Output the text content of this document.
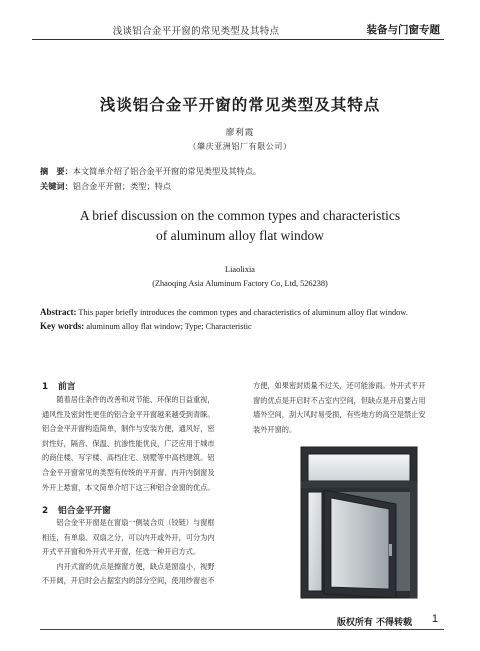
浅谈铝合金平开窗的常见类型及其特点	装备与门窗专题
浅谈铝合金平开窗的常见类型及其特点
廖利霞
（肇庆亚洲铝厂有限公司）
摘　要：本文简单介绍了铝合金平开窗的常见类型及其特点。
关键词：铝合金平开窗；类型；特点
A brief discussion on the common types and characteristics
of aluminum alloy flat window
Liaolixia
(Zhaoqing Asia Aluminum Factory Co, Ltd, 526238)
Abstract: This paper briefly introduces the common types and characteristics of aluminum alloy flat window.
Key words: aluminum alloy flat window; Type; Characteristic
1 前言
　　随着居住条件的改善和对节能、环保的日益重视，
通风性及密封性更佳的铝合金平开窗越来越受到青睐。
铝合金平开窗构造简单，制作与安装方便，通风好，密
封性好，隔音、保温、抗渗性能优良，广泛应用于城市
的商住楼、写字楼、高档住宅、别墅等中高档建筑。铝
合金平开窗常见的类型有传统的平开窗、内开内倒窗及
外开上悬窗，本文简单介绍下这三种铝合金窗的优点。
2 铝合金平开窗
　　铝合金平开窗是在窗扇一侧装合页（铰链）与窗框
相连，有单扇、双扇之分，可以内开或外开，可分为内
开式平开窗和外开式平开窗，任选一种开启方式。
　　内开式窗的优点是擦窗方便，缺点是窗扇小，视野
不开阔，开启时会占据室内的部分空间，使用纱窗也不
方便，如果密封质量不过关，还可能渗雨。外开式平开
窗的优点是开启时不占室内空间，但缺点是开启要占用
墙外空间，刮大风时易受损，有些地方的高空是禁止安
装外开窗的。
版权所有 不得转载 1
